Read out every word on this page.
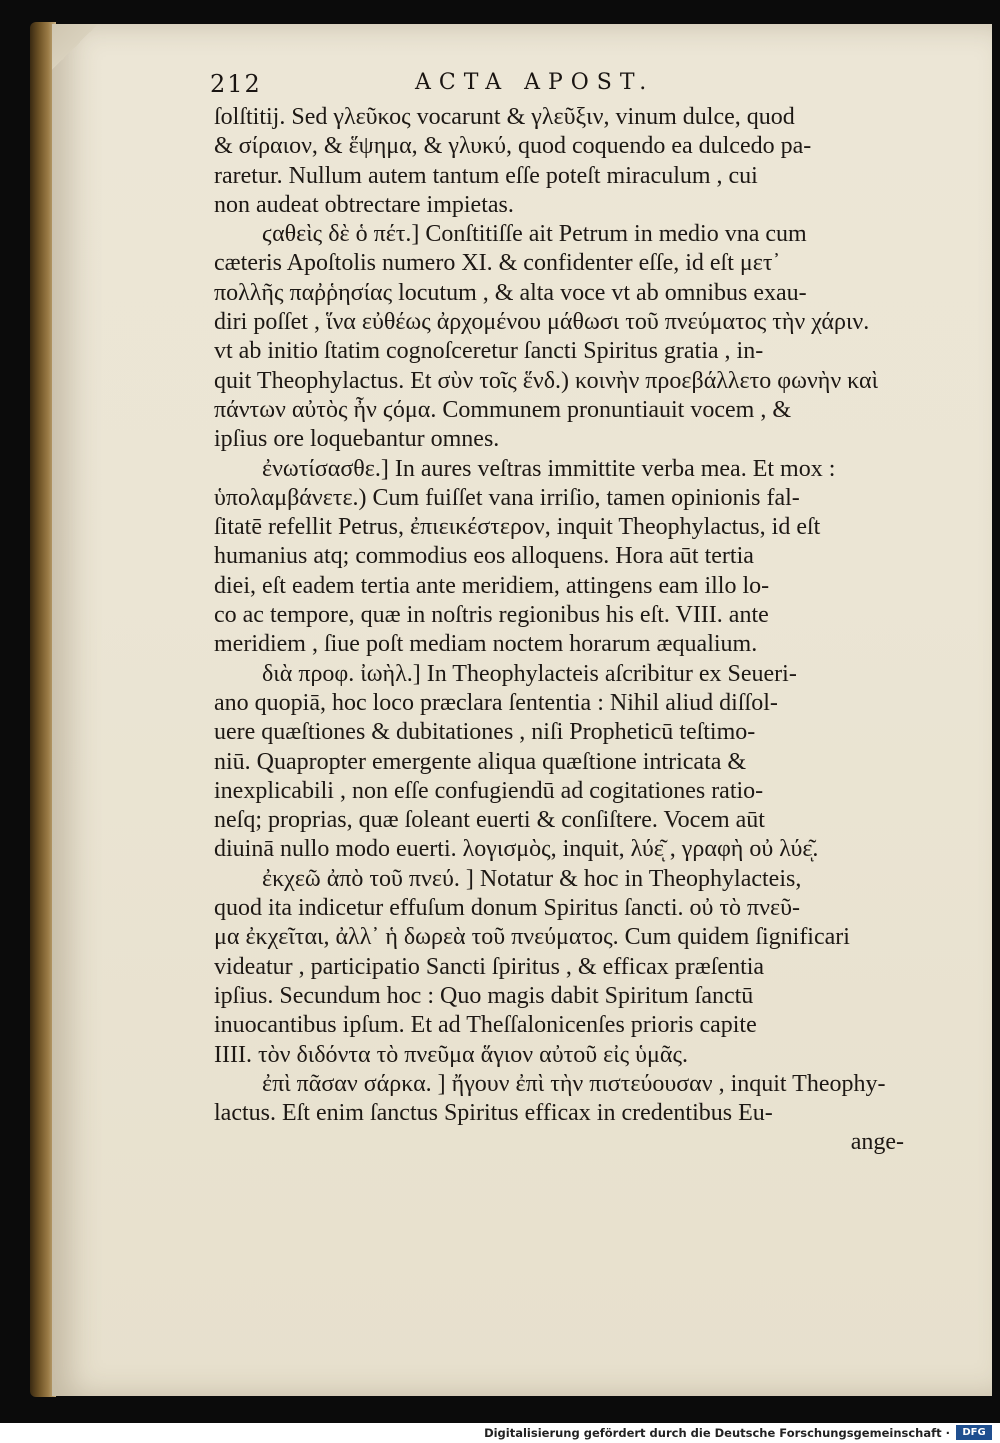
212	ACTA APOST.
ſolſtitij. Sed γλεῦκος vocarunt & γλεῦξιν, vinum dulce, quod
& σίραιον, & ἕψημα, & γλυκύ, quod coquendo ea dulcedo pa-
raretur. Nullum autem tantum eſſe poteſt miraculum , cui
non audeat obtrectare impietas.
ϛαθεὶς δὲ ὁ πέτ.] Conſtitiſſe ait Petrum in medio vna cum
cæteris Apoſtolis numero XI. & confidenter eſſe, id eſt μετ᾽
πολλῆς παῤῥησίας locutum , & alta voce vt ab omnibus exau-
diri poſſet , ἵνα εὐθέως ἀρχομένου μάθωσι τοῦ πνεύματος τὴν χάριν.
vt ab initio ſtatim cognoſceretur ſancti Spiritus gratia , in-
quit Theophylactus. Et σὺν τοῖς ἕνδ.) κοινὴν προεβάλλετο φωνὴν καὶ
πάντων αὐτὸς ἦν ϛόμα. Communem pronuntiauit vocem , &
ipſius ore loquebantur omnes.
ἐνωτίσασθε.] In aures veſtras immittite verba mea. Et mox :
ὑπολαμβάνετε.) Cum fuiſſet vana irriſio, tamen opinionis fal-
ſitatē refellit Petrus, ἐπιεικέστερον, inquit Theophylactus, id eſt
humanius atq; commodius eos alloquens. Hora aūt tertia
diei, eſt eadem tertia ante meridiem, attingens eam illo lo-
co ac tempore, quæ in noſtris regionibus his eſt. VIII. ante
meridiem , ſiue poſt mediam noctem horarum æqualium.
διὰ προφ. ἰωὴλ.] In Theophylacteis aſcribitur ex Seueri-
ano quopiā, hoc loco præclara ſententia : Nihil aliud diſſol-
uere quæſtiones & dubitationes , niſi Propheticū teſtimo-
niū. Quapropter emergente aliqua quæſtione intricata &
inexplicabili , non eſſe confugiendū ad cogitationes ratio-
neſq; proprias, quæ ſoleant euerti & conſiſtere. Vocem aūt
diuinā nullo modo euerti. λογισμὸς, inquit, λύε͂ͅ , γραφὴ οὐ λύε͂ͅ.
ἐκχεῶ ἀπὸ τοῦ πνεύ. ] Notatur & hoc in Theophylacteis,
quod ita indicetur effuſum donum Spiritus ſancti. οὐ τὸ πνεῦ-
μα ἐκχεῖται, ἀλλ᾽ ἡ δωρεὰ τοῦ πνεύματος. Cum quidem ſignificari
videatur , participatio Sancti ſpiritus , & efficax præſentia
ipſius. Secundum hoc : Quo magis dabit Spiritum ſanctū
inuocantibus ipſum. Et ad Theſſalonicenſes prioris capite
IIII. τὸν διδόντα τὸ πνεῦμα ἅγιον αὐτοῦ εἰς ὑμᾶς.
ἐπὶ πᾶσαν σάρκα. ] ἤγουν ἐπὶ τὴν πιστεύουσαν , inquit Theophy-
lactus. Eſt enim ſanctus Spiritus efficax in credentibus Eu-
ange-
Digitalisierung gefördert durch die Deutsche Forschungsgemeinschaft ·	DFG
